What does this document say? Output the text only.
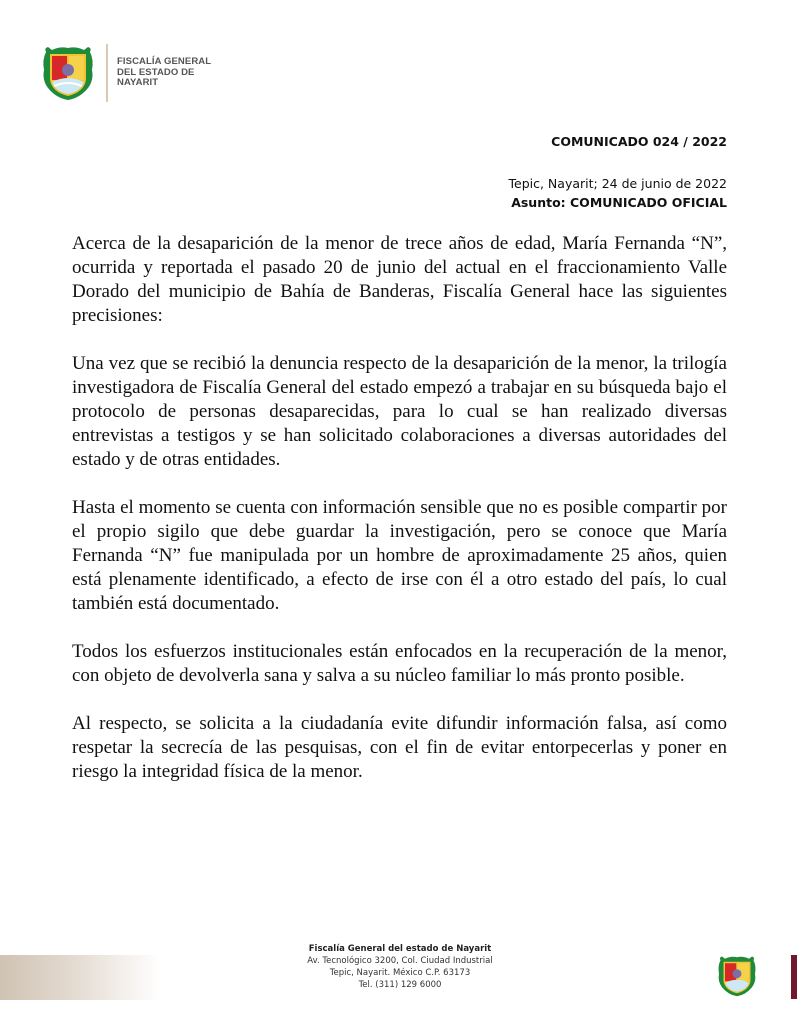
FISCALÍA GENERAL
DEL ESTADO DE
NAYARIT
COMUNICADO 024 / 2022
Tepic, Nayarit; 24 de junio de 2022
Asunto: COMUNICADO OFICIAL

Acerca de la desaparición de la menor de trece años de edad, María Fernanda “N”, ocurrida y reportada el pasado 20 de junio del actual en el fraccionamiento Valle Dorado del municipio de Bahía de Banderas, Fiscalía General hace las siguientes precisiones:

Una vez que se recibió la denuncia respecto de la desaparición de la menor, la trilogía investigadora de Fiscalía General del estado empezó a trabajar en su búsqueda bajo el protocolo de personas desaparecidas, para lo cual se han realizado diversas entrevistas a testigos y se han solicitado colaboraciones a diversas autoridades del estado y de otras entidades.

Hasta el momento se cuenta con información sensible que no es posible compartir por el propio sigilo que debe guardar la investigación, pero se conoce que María Fernanda “N” fue manipulada por un hombre de aproximadamente 25 años, quien está plenamente identificado, a efecto de irse con él a otro estado del país, lo cual también está documentado.

Todos los esfuerzos institucionales están enfocados en la recuperación de la menor, con objeto de devolverla sana y salva a su núcleo familiar lo más pronto posible.

Al respecto, se solicita a la ciudadanía evite difundir información falsa, así como respetar la secrecía de las pesquisas, con el fin de evitar entorpecerlas y poner en riesgo la integridad física de la menor.

Fiscalía General del estado de Nayarit
Av. Tecnológico 3200, Col. Ciudad Industrial
Tepic, Nayarit. México C.P. 63173
Tel. (311) 129 6000
